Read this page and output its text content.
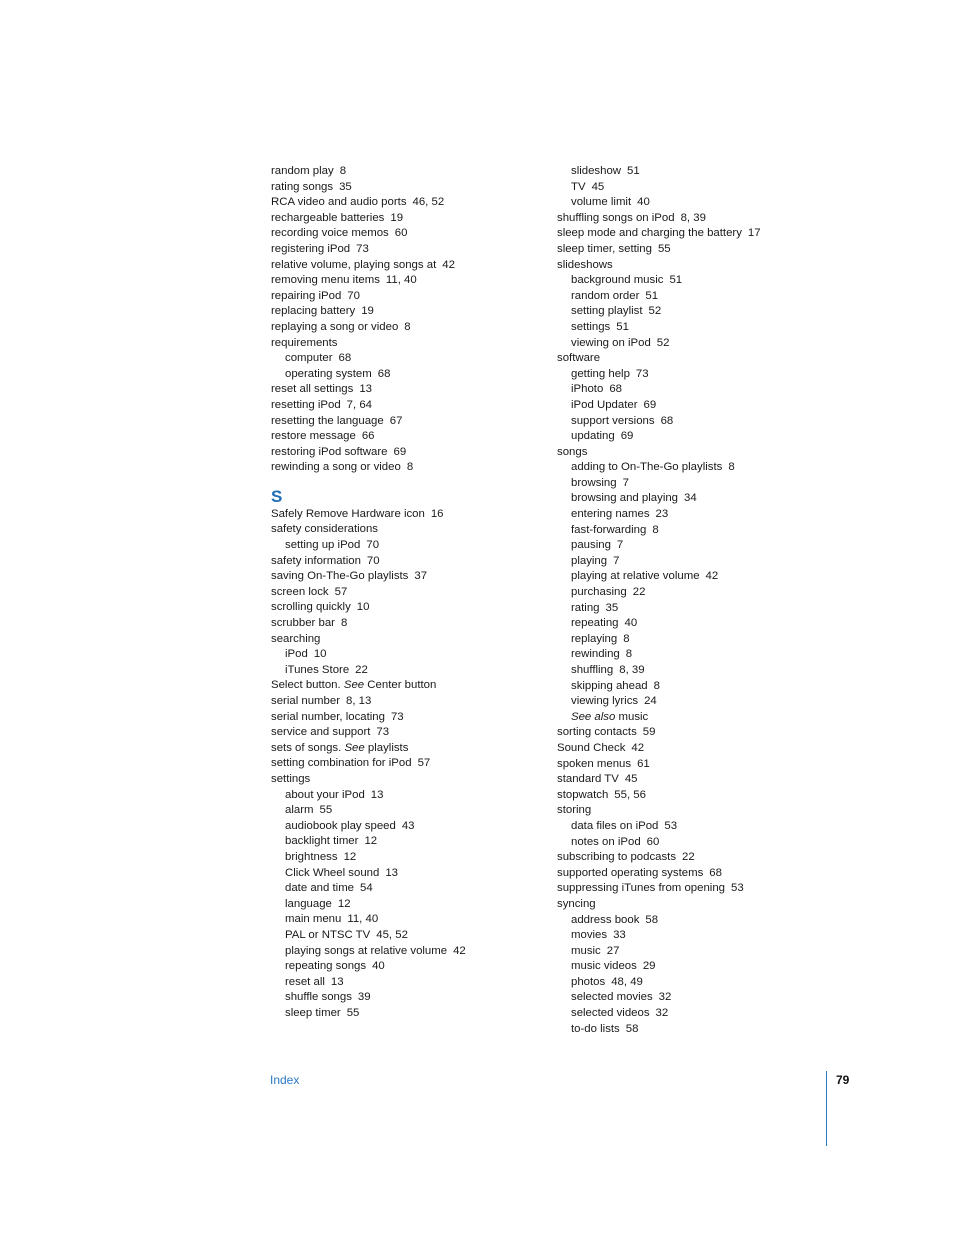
random play 8
rating songs 35
RCA video and audio ports 46, 52
rechargeable batteries 19
recording voice memos 60
registering iPod 73
relative volume, playing songs at 42
removing menu items 11, 40
repairing iPod 70
replacing battery 19
replaying a song or video 8
requirements
computer 68
operating system 68
reset all settings 13
resetting iPod 7, 64
resetting the language 67
restore message 66
restoring iPod software 69
rewinding a song or video 8
S
Safely Remove Hardware icon 16
safety considerations
setting up iPod 70
safety information 70
saving On-The-Go playlists 37
screen lock 57
scrolling quickly 10
scrubber bar 8
searching
iPod 10
iTunes Store 22
Select button. See Center button
serial number 8, 13
serial number, locating 73
service and support 73
sets of songs. See playlists
setting combination for iPod 57
settings
about your iPod 13
alarm 55
audiobook play speed 43
backlight timer 12
brightness 12
Click Wheel sound 13
date and time 54
language 12
main menu 11, 40
PAL or NTSC TV 45, 52
playing songs at relative volume 42
repeating songs 40
reset all 13
shuffle songs 39
sleep timer 55
slideshow 51
TV 45
volume limit 40
shuffling songs on iPod 8, 39
sleep mode and charging the battery 17
sleep timer, setting 55
slideshows
background music 51
random order 51
setting playlist 52
settings 51
viewing on iPod 52
software
getting help 73
iPhoto 68
iPod Updater 69
support versions 68
updating 69
songs
adding to On-The-Go playlists 8
browsing 7
browsing and playing 34
entering names 23
fast-forwarding 8
pausing 7
playing 7
playing at relative volume 42
purchasing 22
rating 35
repeating 40
replaying 8
rewinding 8
shuffling 8, 39
skipping ahead 8
viewing lyrics 24
See also music
sorting contacts 59
Sound Check 42
spoken menus 61
standard TV 45
stopwatch 55, 56
storing
data files on iPod 53
notes on iPod 60
subscribing to podcasts 22
supported operating systems 68
suppressing iTunes from opening 53
syncing
address book 58
movies 33
music 27
music videos 29
photos 48, 49
selected movies 32
selected videos 32
to-do lists 58
Index	79
